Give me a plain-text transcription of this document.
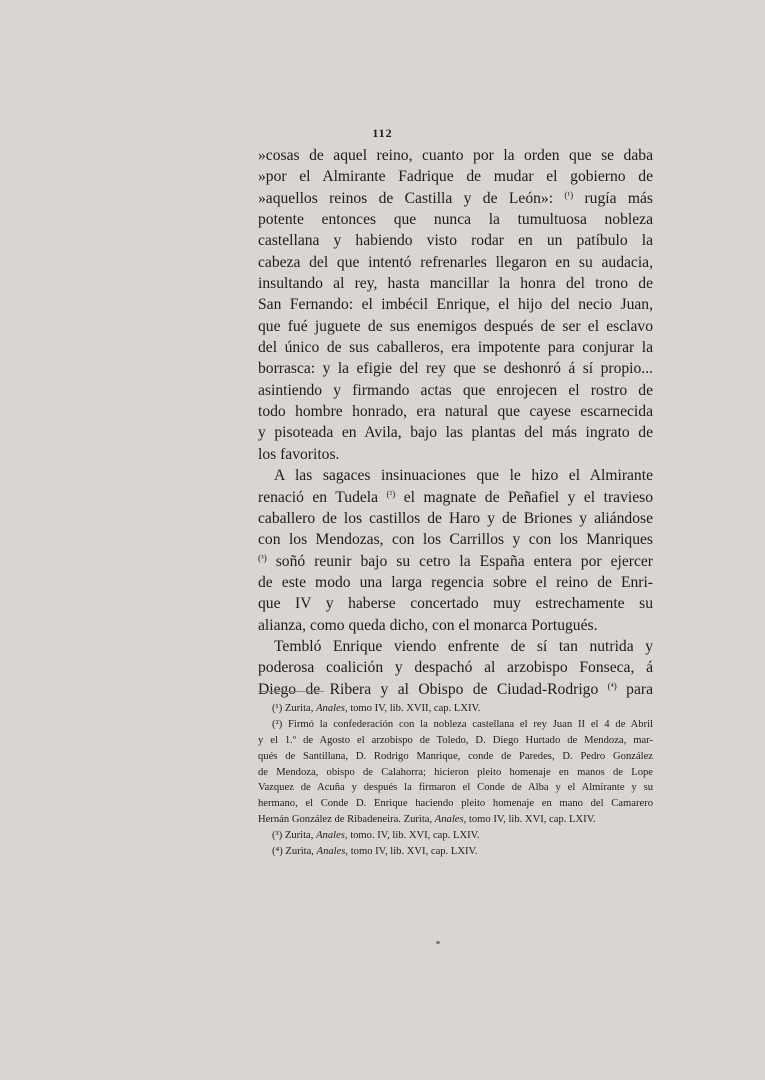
112
»cosas de aquel reino, cuanto por la orden que se daba
»por el Almirante Fadrique de mudar el gobierno de
»aquellos reinos de Castilla y de León»: $^{(^1)}$ rugía más
potente entonces que nunca la tumultuosa nobleza
castellana y habiendo visto rodar en un patíbulo la
cabeza del que intentó refrenarles llegaron en su audacia,
insultando al rey, hasta mancillar la honra del trono de
San Fernando: el imbécil Enrique, el hijo del necio Juan,
que fué juguete de sus enemigos después de ser el esclavo
del único de sus caballeros, era impotente para conjurar la
borrasca: y la efigie del rey que se deshonró á sí propio...
asintiendo y firmando actas que enrojecen el rostro de
todo hombre honrado, era natural que cayese escarnecida
y pisoteada en Avila, bajo las plantas del más ingrato de
los favoritos.
A las sagaces insinuaciones que le hizo el Almirante
renació en Tudela $^{(^2)}$ el magnate de Peñafiel y el travieso
caballero de los castillos de Haro y de Briones y aliándose
con los Mendozas, con los Carrillos y con los Manriques
$^{(^3)}$ soñó reunir bajo su cetro la España entera por ejercer
de este modo una larga regencia sobre el reino de Enri-
que IV y haberse concertado muy estrechamente su
alianza, como queda dicho, con el monarca Portugués.
Tembló Enrique viendo enfrente de sí tan nutrida y
poderosa coalición y despachó al arzobispo Fonseca, á
Diego de Ribera y al Obispo de Ciudad-Rodrigo $^{(^4)}$ para
(¹) Zurita, Anales, tomo IV, lib. XVII, cap. LXIV.
(²) Firmó la confederación con la nobleza castellana el rey Juan II el 4 de Abril
y el 1.º de Agosto el arzobispo de Toledo, D. Diego Hurtado de Mendoza, mar-
qués de Santillana, D. Rodrigo Manrique, conde de Paredes, D. Pedro González
de Mendoza, obispo de Calahorra; hicieron pleito homenaje en manos de Lope
Vazquez de Acuña y después la firmaron el Conde de Alba y el Almirante y su
hermano, el Conde D. Enrique haciendo pleito homenaje en mano del Camarero
Hernán González de Ribadeneira. Zurita, Anales, tomo IV, lib. XVI, cap. LXIV.
(³) Zurita, Anales, tomo. IV, lib. XVI, cap. LXIV.
(⁴) Zurita, Anales, tomo IV, lib. XVI, cap. LXIV.
